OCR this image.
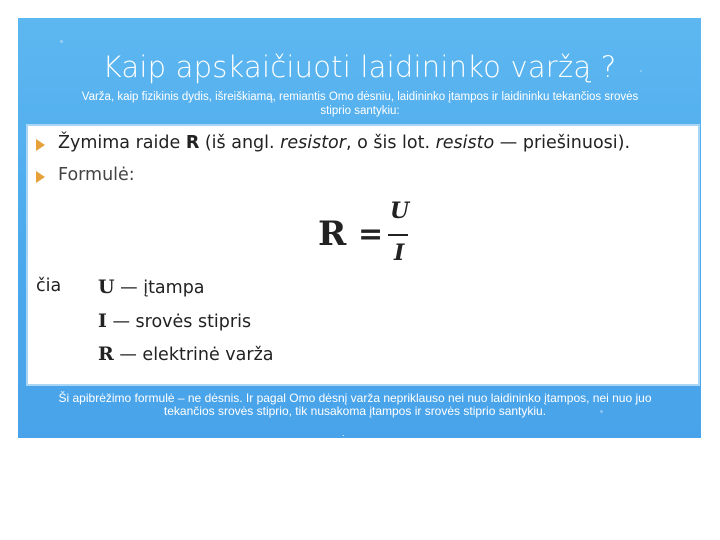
Kaip apskaičiuoti laidininko varžą ?
Varža, kaip fizikinis dydis, išreiškiamą, remiantis Omo dėsniu, laidininko įtampos ir laidininku tekančios srovės stiprio santykiu:
Žymima raide R (iš angl. resistor, o šis lot. resisto — priešinuosi).
Formulė:
R =
U
I
čia U — įtampa
I — srovės stipris
R — elektrinė varža
Ši apibrėžimo formulė – ne dėsnis. Ir pagal Omo dėsnį varža nepriklauso nei nuo laidininko įtampos, nei nuo juo tekančios srovės stiprio, tik nusakoma įtampos ir srovės stiprio santykiu.
.
